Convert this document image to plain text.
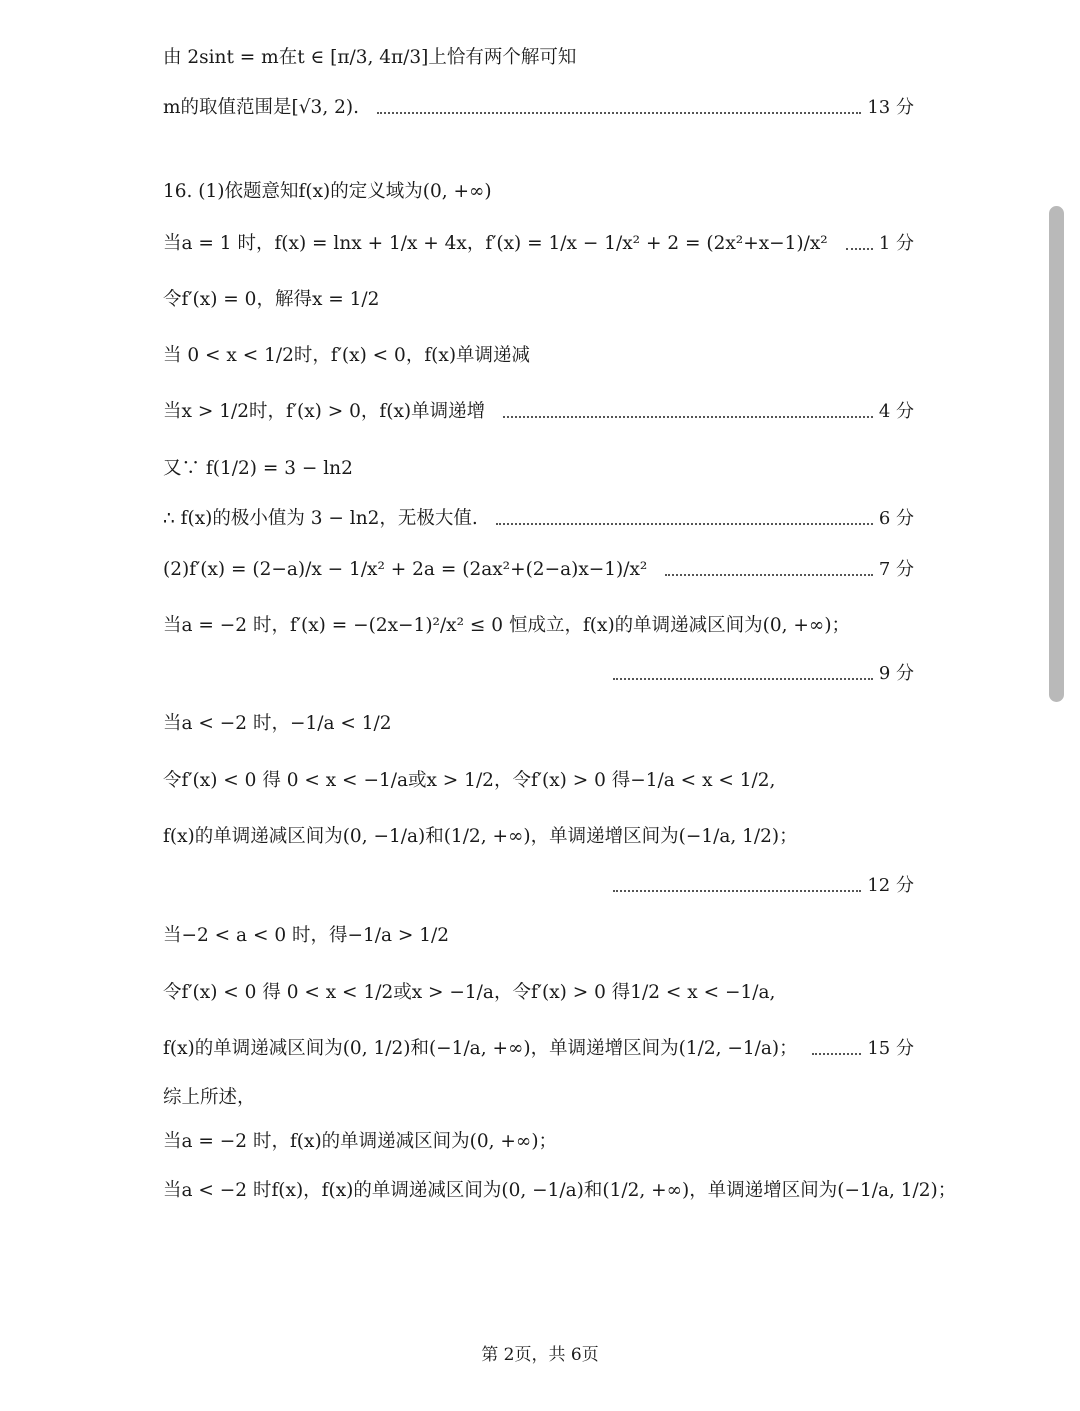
由 2sint = m在t ∈ [π/3, 4π/3]上恰有两个解可知
m的取值范围是[√3, 2).	13 分
16. (1)依题意知f(x)的定义域为(0, +∞)
当a = 1 时，f(x) = lnx + 1/x + 4x，f′(x) = 1/x − 1/x² + 2 = (2x²+x−1)/x²	1 分
令f′(x) = 0，解得x = 1/2
当 0 < x < 1/2时，f′(x) < 0，f(x)单调递减
当x > 1/2时，f′(x) > 0，f(x)单调递增	4 分
又∵ f(1/2) = 3 − ln2
∴ f(x)的极小值为 3 − ln2，无极大值.	6 分
(2)f′(x) = (2−a)/x − 1/x² + 2a = (2ax²+(2−a)x−1)/x²	7 分
当a = −2 时，f′(x) = −(2x−1)²/x² ≤ 0 恒成立，f(x)的单调递减区间为(0, +∞)；
9 分
当a < −2 时，−1/a < 1/2
令f′(x) < 0 得 0 < x < −1/a或x > 1/2，令f′(x) > 0 得−1/a < x < 1/2,
f(x)的单调递减区间为(0, −1/a)和(1/2, +∞)，单调递增区间为(−1/a, 1/2)；
12 分
当−2 < a < 0 时，得−1/a > 1/2
令f′(x) < 0 得 0 < x < 1/2或x > −1/a，令f′(x) > 0 得1/2 < x < −1/a,
f(x)的单调递减区间为(0, 1/2)和(−1/a, +∞)，单调递增区间为(1/2, −1/a)；	15 分
综上所述，
当a = −2 时，f(x)的单调递减区间为(0, +∞)；
当a < −2 时f(x)，f(x)的单调递减区间为(0, −1/a)和(1/2, +∞)，单调递增区间为(−1/a, 1/2)；
第 2页，共 6页
